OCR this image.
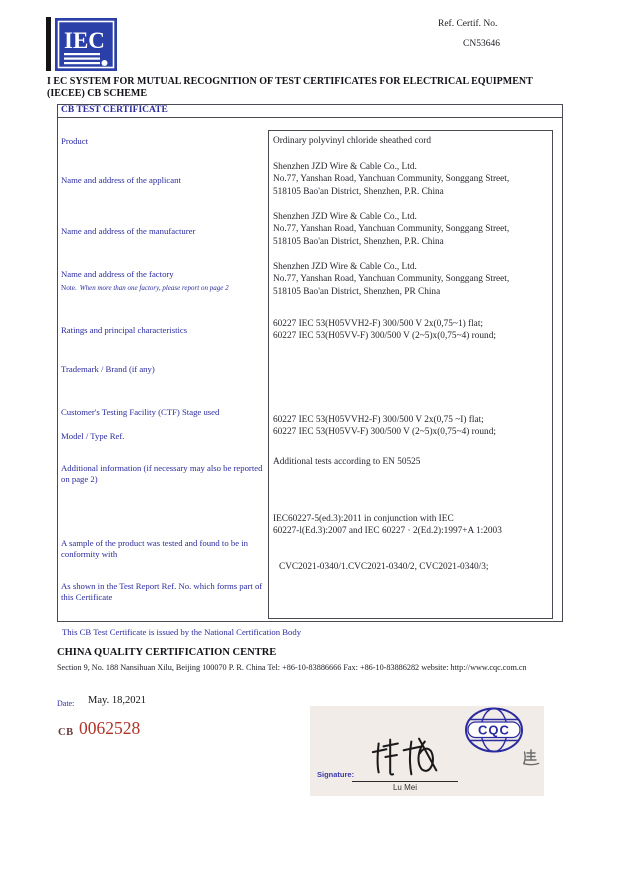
IEC
Ref. Certif. No.
CN53646
I EC SYSTEM FOR MUTUAL RECOGNITION OF TEST CERTIFICATES FOR ELECTRICAL EQUIPMENT
(IECEE) CB SCHEME
CB TEST CERTIFICATE
Product
Name and address of the applicant
Name and address of the manufacturer
Name and address of the factory
Note. When more than one factory, please report on page 2
Ratings and principal characteristics
Trademark / Brand (if any)
Customer's Testing Facility (CTF) Stage used
Model / Type Ref.
Additional information (if necessary may also be reported on page 2)
A sample of the product was tested and found to be in conformity with
As shown in the Test Report Ref. No. which forms part of this Certificate
Ordinary polyvinyl chloride sheathed cord
Shenzhen JZD Wire & Cable Co., Ltd.
No.77, Yanshan Road, Yanchuan Community, Songgang Street,
518105 Bao'an District, Shenzhen, P.R. China
Shenzhen JZD Wire & Cable Co., Ltd.
No.77, Yanshan Road, Yanchuan Community, Songgang Street,
518105 Bao'an District, Shenzhen, P.R. China
Shenzhen JZD Wire & Cable Co., Ltd.
No.77, Yanshan Road, Yanchuan Community, Songgang Street,
518105 Bao'an District, Shenzhen, PR China
60227 IEC 53(H05VVH2-F) 300/500 V 2x(0,75~1) flat;
60227 IEC 53(H05VV-F) 300/500 V (2~5)x(0,75~4) round;
60227 IEC 53(H05VVH2-F) 300/500 V 2x(0,75 ~I) flat;
60227 IEC 53(H05VV-F) 300/500 V (2~5)x(0,75~4) round;
Additional tests according to EN 50525
IEC60227-5(ed.3):2011 in conjunction with IEC
60227-l(Ed.3):2007 and IEC 60227 · 2(Ed.2):1997+A 1:2003
CVC2021-0340/1.CVC2021-0340/2, CVC2021-0340/3;
This CB Test Certificate is issued by the National Certification Body
CHINA QUALITY CERTIFICATION CENTRE
Section 9, No. 188 Nansihuan Xilu, Beijing 100070 P. R. China Tel: +86-10-83886666 Fax: +86-10-83886282 website: http://www.cqc.com.cn
Date: May. 18,2021
CB 0062528
Signature:
Lu Mei
CQC
